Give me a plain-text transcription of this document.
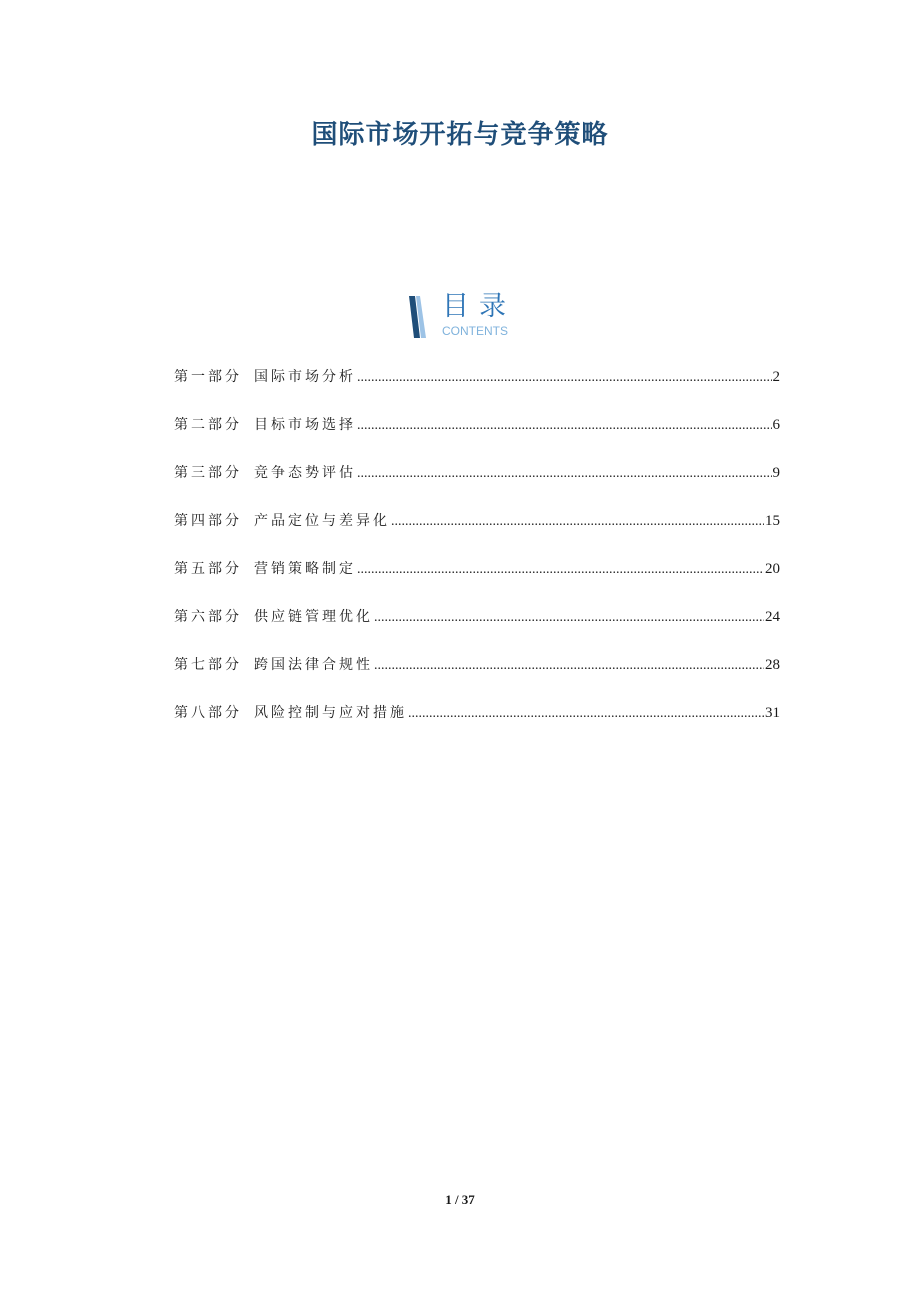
国际市场开拓与竞争策略
目录
CONTENTS
第一部分 国际市场分析 .....	2
第二部分 目标市场选择 .....	6
第三部分 竞争态势评估 .....	9
第四部分 产品定位与差异化 .....	15
第五部分 营销策略制定 .....	20
第六部分 供应链管理优化 .....	24
第七部分 跨国法律合规性 .....	28
第八部分 风险控制与应对措施 .....	31
1 / 37
